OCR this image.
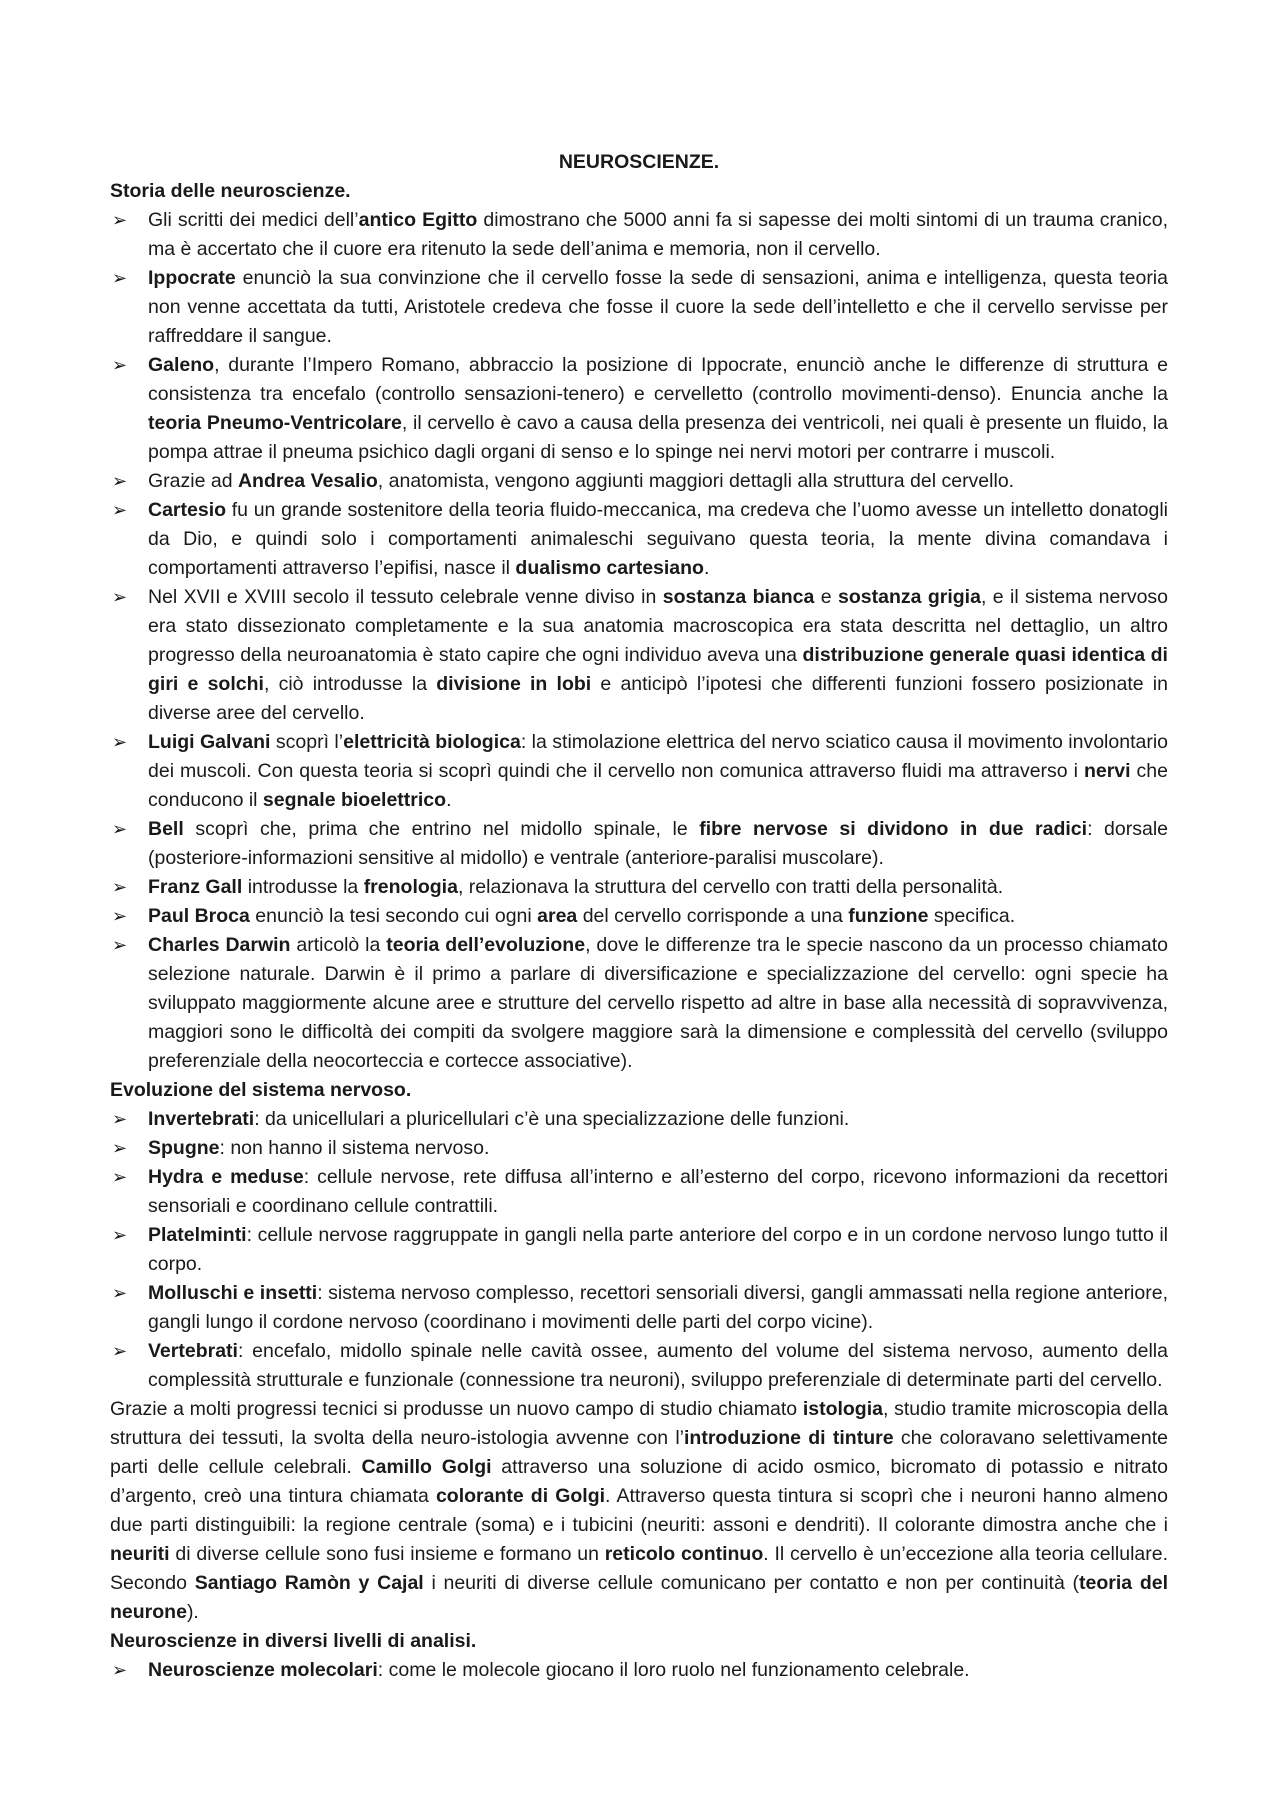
NEUROSCIENZE.
Storia delle neuroscienze.
➢	Gli scritti dei medici dell’antico Egitto dimostrano che 5000 anni fa si sapesse dei molti sintomi di un trauma cranico, ma è accertato che il cuore era ritenuto la sede dell’anima e memoria, non il cervello.
➢	Ippocrate enunciò la sua convinzione che il cervello fosse la sede di sensazioni, anima e intelligenza, questa teoria non venne accettata da tutti, Aristotele credeva che fosse il cuore la sede dell’intelletto e che il cervello servisse per raffreddare il sangue.
➢	Galeno, durante l’Impero Romano, abbraccio la posizione di Ippocrate, enunciò anche le differenze di struttura e consistenza tra encefalo (controllo sensazioni-tenero) e cervelletto (controllo movimenti-denso). Enuncia anche la teoria Pneumo-Ventricolare, il cervello è cavo a causa della presenza dei ventricoli, nei quali è presente un fluido, la pompa attrae il pneuma psichico dagli organi di senso e lo spinge nei nervi motori per contrarre i muscoli.
➢	Grazie ad Andrea Vesalio, anatomista, vengono aggiunti maggiori dettagli alla struttura del cervello.
➢	Cartesio fu un grande sostenitore della teoria fluido-meccanica, ma credeva che l’uomo avesse un intelletto donatogli da Dio, e quindi solo i comportamenti animaleschi seguivano questa teoria, la mente divina comandava i comportamenti attraverso l’epifisi, nasce il dualismo cartesiano.
➢	Nel XVII e XVIII secolo il tessuto celebrale venne diviso in sostanza bianca e sostanza grigia, e il sistema nervoso era stato dissezionato completamente e la sua anatomia macroscopica era stata descritta nel dettaglio, un altro progresso della neuroanatomia è stato capire che ogni individuo aveva una distribuzione generale quasi identica di giri e solchi, ciò introdusse la divisione in lobi e anticipò l’ipotesi che differenti funzioni fossero posizionate in diverse aree del cervello.
➢	Luigi Galvani scoprì l’elettricità biologica: la stimolazione elettrica del nervo sciatico causa il movimento involontario dei muscoli. Con questa teoria si scoprì quindi che il cervello non comunica attraverso fluidi ma attraverso i nervi che conducono il segnale bioelettrico.
➢	Bell scoprì che, prima che entrino nel midollo spinale, le fibre nervose si dividono in due radici: dorsale (posteriore-informazioni sensitive al midollo) e ventrale (anteriore-paralisi muscolare).
➢	Franz Gall introdusse la frenologia, relazionava la struttura del cervello con tratti della personalità.
➢	Paul Broca enunciò la tesi secondo cui ogni area del cervello corrisponde a una funzione specifica.
➢	Charles Darwin articolò la teoria dell’evoluzione, dove le differenze tra le specie nascono da un processo chiamato selezione naturale. Darwin è il primo a parlare di diversificazione e specializzazione del cervello: ogni specie ha sviluppato maggiormente alcune aree e strutture del cervello rispetto ad altre in base alla necessità di sopravvivenza, maggiori sono le difficoltà dei compiti da svolgere maggiore sarà la dimensione e complessità del cervello (sviluppo preferenziale della neocorteccia e cortecce associative).
Evoluzione del sistema nervoso.
➢	Invertebrati: da unicellulari a pluricellulari c’è una specializzazione delle funzioni.
➢	Spugne: non hanno il sistema nervoso.
➢	Hydra e meduse: cellule nervose, rete diffusa all’interno e all’esterno del corpo, ricevono informazioni da recettori sensoriali e coordinano cellule contrattili.
➢	Platelminti: cellule nervose raggruppate in gangli nella parte anteriore del corpo e in un cordone nervoso lungo tutto il corpo.
➢	Molluschi e insetti: sistema nervoso complesso, recettori sensoriali diversi, gangli ammassati nella regione anteriore, gangli lungo il cordone nervoso (coordinano i movimenti delle parti del corpo vicine).
➢	Vertebrati: encefalo, midollo spinale nelle cavità ossee, aumento del volume del sistema nervoso, aumento della complessità strutturale e funzionale (connessione tra neuroni), sviluppo preferenziale di determinate parti del cervello.

Grazie a molti progressi tecnici si produsse un nuovo campo di studio chiamato istologia, studio tramite microscopia della struttura dei tessuti, la svolta della neuro-istologia avvenne con l’introduzione di tinture che coloravano selettivamente parti delle cellule celebrali. Camillo Golgi attraverso una soluzione di acido osmico, bicromato di potassio e nitrato d’argento, creò una tintura chiamata colorante di Golgi. Attraverso questa tintura si scoprì che i neuroni hanno almeno due parti distinguibili: la regione centrale (soma) e i tubicini (neuriti: assoni e dendriti). Il colorante dimostra anche che i neuriti di diverse cellule sono fusi insieme e formano un reticolo continuo. Il cervello è un’eccezione alla teoria cellulare. Secondo Santiago Ramòn y Cajal i neuriti di diverse cellule comunicano per contatto e non per continuità (teoria del neurone).

Neuroscienze in diversi livelli di analisi.
➢	Neuroscienze molecolari: come le molecole giocano il loro ruolo nel funzionamento celebrale.
